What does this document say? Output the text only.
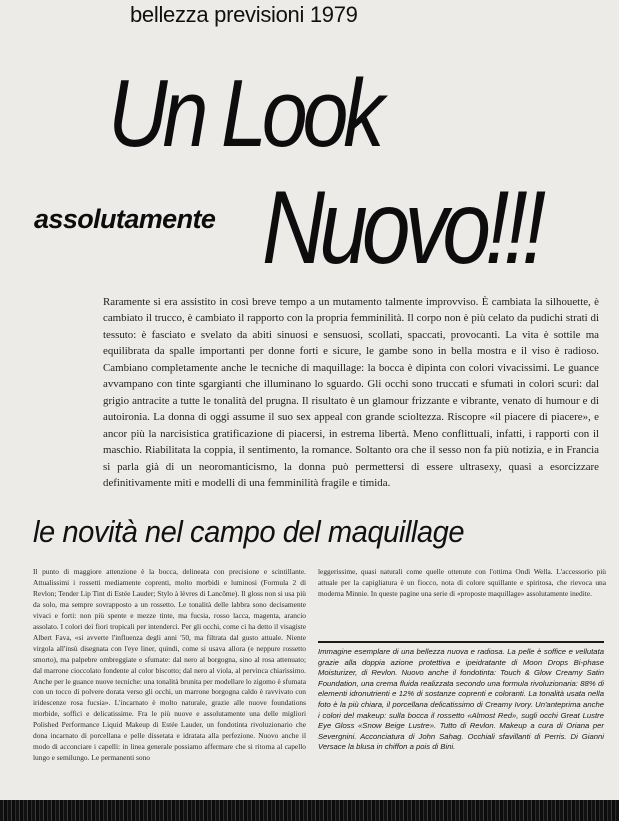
bellezza previsioni 1979
Un Look
assolutamente Nuovo!!!

Raramente si era assistito in così breve tempo a un mutamento talmente improvviso. È cambiata la silhouette, è cambiato il trucco, è cambiato il rapporto con la propria femminilità. Il corpo non è più celato da pudichi strati di tessuto: è fasciato e svelato da abiti sinuosi e sensuosi, scollati, spaccati, provocanti. La vita è sottile ma equilibrata da spalle importanti per donne forti e sicure, le gambe sono in bella mostra e il viso è radioso. Cambiano completamente anche le tecniche di maquillage: la bocca è dipinta con colori vivacissimi. Le guance avvampano con tinte sgargianti che illuminano lo sguardo. Gli occhi sono truccati e sfumati in colori scuri: dal grigio antracite a tutte le tonalità del prugna. Il risultato è un glamour frizzante e vibrante, venato di humour e di autoironia. La donna di oggi assume il suo sex appeal con grande scioltezza. Riscopre «il piacere di piacere», e ancor più la narcisistica gratificazione di piacersi, in estrema libertà. Meno conflittuali, infatti, i rapporti con il maschio. Riabilitata la coppia, il sentimento, la romance. Soltanto ora che il sesso non fa più notizia, e in Francia si parla già di un neoromanticismo, la donna può permettersi di essere ultrasexy, quasi a esorcizzare definitivamente miti e modelli di una femminilità fragile e timida.

le novità nel campo del maquillage

Il punto di maggiore attenzione è la bocca, delineata con precisione e scintillante. Attualissimi i rossetti mediamente coprenti, molto morbidi e luminosi (Formula 2 di Revlon; Tender Lip Tint di Estée Lauder; Stylo à lèvres di Lancôme). Il gloss non si usa più da solo, ma sempre sovrapposto a un rossetto. Le tonalità delle labbra sono decisamente vivaci e forti: non più spente e mezze tinte, ma fucsia, rosso lacca, magenta, arancio assolato. I colori dei fiori tropicali per intenderci. Per gli occhi, come ci ha detto il visagiste Albert Fava, «si avverte l'influenza degli anni '50, ma filtrata dal gusto attuale. Niente virgola all'insù disegnata con l'eye liner, quindi, come si usava allora (e neppure rossetto smorto), ma palpebre ombreggiate e sfumate: dal nero al borgogna, sino al rosa attenuato; dal marrone cioccolato fondente al color biscotto; dal nero al viola, al pervinca chiarissimo. Anche per le guance nuove tecniche: una tonalità brunita per modellare lo zigomo è sfumata con un tocco di polvere dorata verso gli occhi, un marrone borgogna caldo è ravvivato con iridescenze rosa fucsia». L'incarnato è molto naturale, grazie alle nuove foundations morbide, soffici e delicatissime. Fra le più nuove e assolutamente una delle migliori Polished Performance Liquid Makeup di Estée Lauder, un fondotinta rivoluzionario che dona incarnato di porcellana e pelle dissetata e idratata alla perfezione. Nuovo anche il modo di acconciare i capelli: in linea generale possiamo affermare che si ritorna al capello lungo e semilungo. Le permanenti sono

leggerissime, quasi naturali come quelle ottenute con l'ottima Ondì Wella. L'accessorio più attuale per la capigliatura è un fiocco, nota di colore squillante e spiritosa, che rievoca una moderna Minnie. In queste pagine una serie di «proposte maquillage» assolutamente inedite.

Immagine esemplare di una bellezza nuova e radiosa. La pelle è soffice e vellutata grazie alla doppia azione protettiva e ipeidratante di Moon Drops Bi-phase Moisturizer, di Revlon. Nuovo anche il fondotinta: Touch & Glow Creamy Satin Foundation, una crema fluida realizzata secondo una formula rivoluzionaria: 88% di elementi idronutrienti e 12% di sostanze coprenti e coloranti. La tonalità usata nella foto è la più chiara, il porcellana delicatissimo di Creamy Ivory. Un'anteprima anche i colori del makeup: sulla bocca il rossetto «Almost Red», sugli occhi Great Lustre Eye Gloss «Snow Beige Lustre». Tutto di Revlon. Makeup a cura di Oriana per Severgnini. Acconciatura di John Sahag. Occhiali sfavillanti di Perris. Di Gianni Versace la blusa in chiffon a pois di Bini.
